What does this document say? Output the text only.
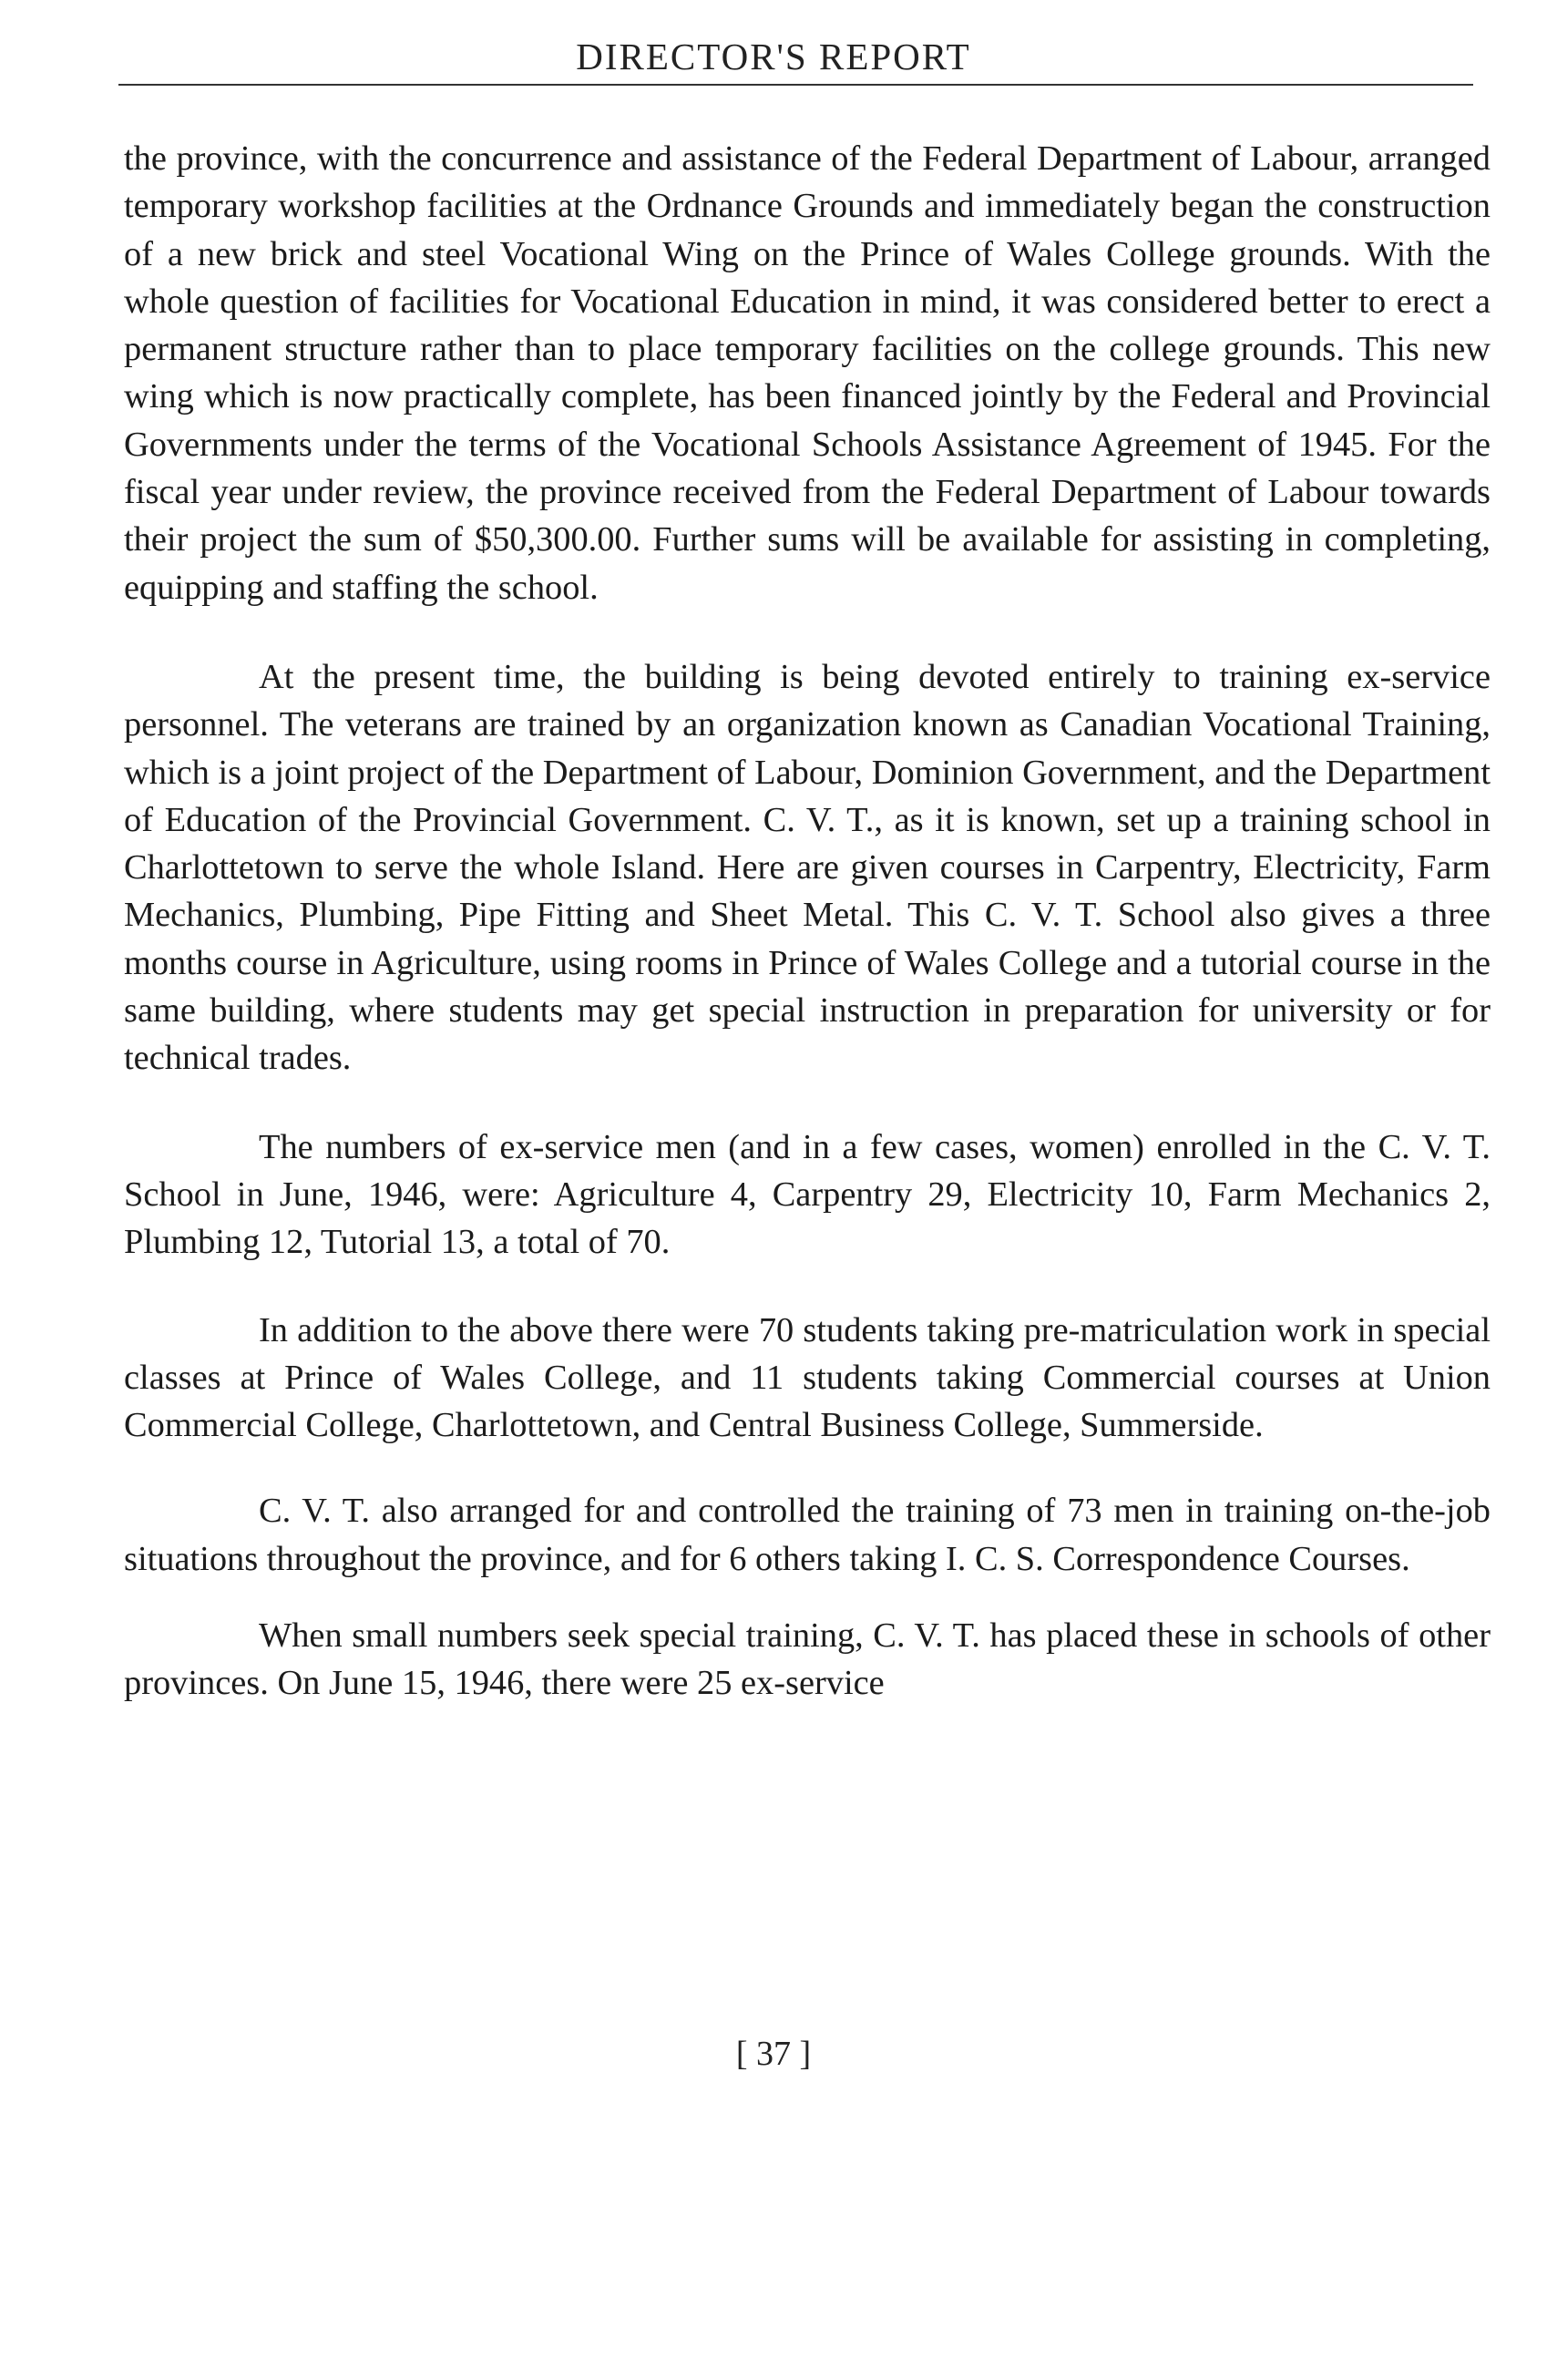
DIRECTOR'S REPORT

the province, with the concurrence and assistance of the Federal Department of Labour, arranged temporary workshop facilities at the Ordnance Grounds and immediately began the construction of a new brick and steel Vocational Wing on the Prince of Wales College grounds. With the whole question of facilities for Vocational Education in mind, it was considered better to erect a permanent structure rather than to place temporary facilities on the college grounds. This new wing which is now practically complete, has been financed jointly by the Federal and Provincial Governments under the terms of the Vocational Schools Assistance Agreement of 1945. For the fiscal year under review, the province received from the Federal Department of Labour towards their project the sum of $50,300.00. Further sums will be available for assisting in completing, equipping and staffing the school.

At the present time, the building is being devoted entirely to training ex-service personnel. The veterans are trained by an organization known as Canadian Vocational Training, which is a joint project of the Department of Labour, Dominion Government, and the Department of Education of the Provincial Government. C. V. T., as it is known, set up a training school in Charlottetown to serve the whole Island. Here are given courses in Carpentry, Electricity, Farm Mechanics, Plumbing, Pipe Fitting and Sheet Metal. This C. V. T. School also gives a three months course in Agriculture, using rooms in Prince of Wales College and a tutorial course in the same building, where students may get special instruction in preparation for university or for technical trades.

The numbers of ex-service men (and in a few cases, women) enrolled in the C. V. T. School in June, 1946, were: Agriculture 4, Carpentry 29, Electricity 10, Farm Mechanics 2, Plumbing 12, Tutorial 13, a total of 70.

In addition to the above there were 70 students taking pre-matriculation work in special classes at Prince of Wales College, and 11 students taking Commercial courses at Union Commercial College, Charlottetown, and Central Business College, Summerside.

C. V. T. also arranged for and controlled the training of 73 men in training on-the-job situations throughout the province, and for 6 others taking I. C. S. Correspondence Courses.

When small numbers seek special training, C. V. T. has placed these in schools of other provinces. On June 15, 1946, there were 25 ex-service

[ 37 ]
